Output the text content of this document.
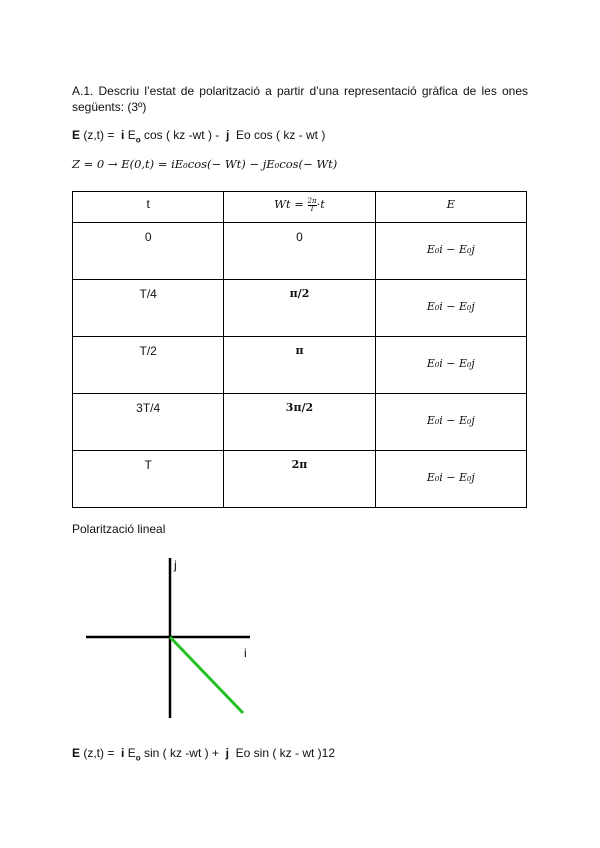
A.1. Descriu l’estat de polarització a partir d’una representació gràfica de les ones següents: (3º)
E (z,t) =  i $E_o$ cos ( kz -wt ) -  j  Eo cos ( kz - wt )
Z = 0 → E(0,t) = iE₀cos(− Wt) − jE₀cos(− Wt)
t	$Wt = \frac{2\pi}{T} \cdot t$	E
0	0	E₀i − E₀j
T/4	π/2	E₀i − E₀j
T/2	π	E₀i − E₀j
3T/4	3π/2	E₀i − E₀j
T	2π	E₀i − E₀j
Polarització lineal
j
i
E (z,t) =  i $E_o$ sin ( kz -wt ) +  j  Eo sin ( kz - wt )12
